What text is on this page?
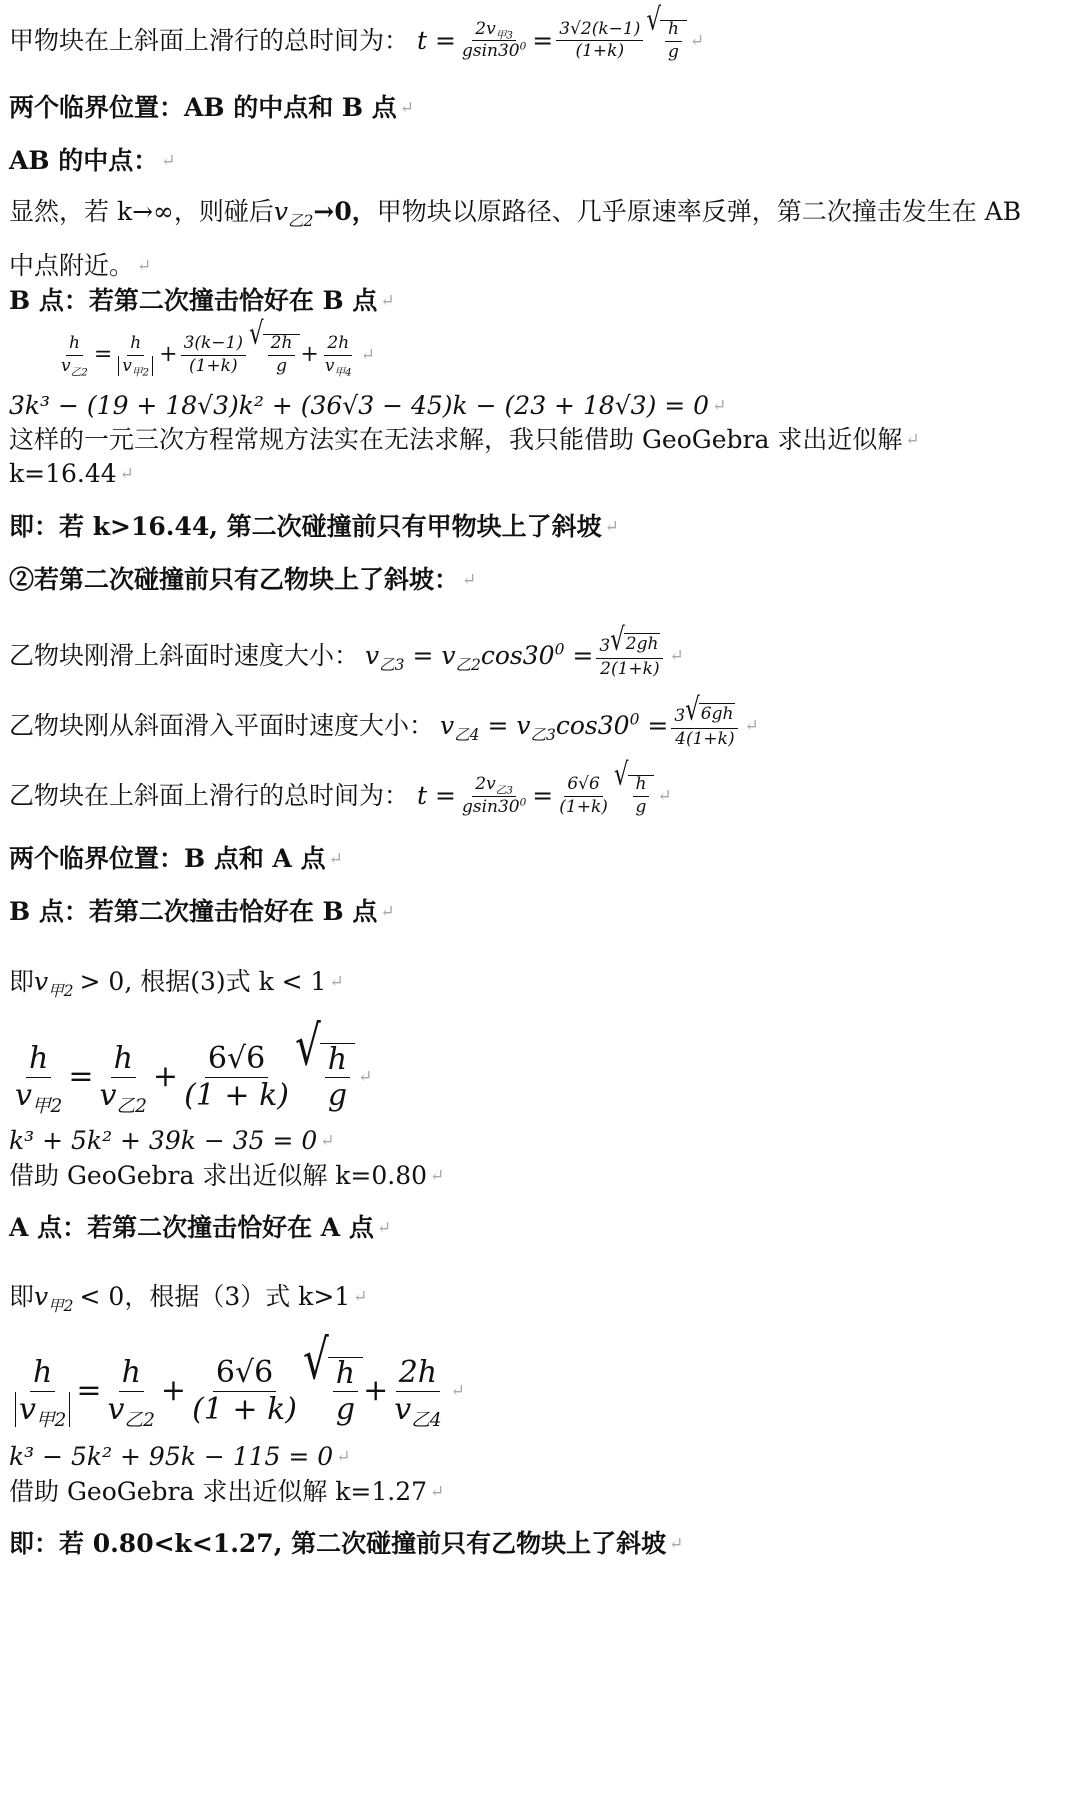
甲物块在上斜面上滑行的总时间为： $t = \frac{2v_{甲3}}{gsin30^0} = \frac{3√2(k-1)}{(1+k)}$
√
$\frac{h}{g}$ ↵
两个临界位置：AB 的中点和 B 点 ↵
AB 的中点： ↵
显然，若 k→∞，则碰后 $v_{乙2} \to 0$， 甲物块以原路径、几乎原速率反弹，第二次撞击发生在 AB
中点附近。 ↵
B 点：若第二次撞击恰好在 B 点 ↵
$\frac{h}{v_{乙2}} = \frac{h}{v_{甲2}} + \frac{3(k-1)}{(1+k)}$
√
$\frac{2h}{g} + \frac{2h}{v_{甲4}}$ ↵
3k³ − (19 + 18√3)k² + (36√3 − 45)k − (23 + 18√3) = 0 ↵
这样的一元三次方程常规方法实在无法求解，我只能借助 GeoGebra 求出近似解 ↵
k=16.44 ↵
即：若 k>16.44, 第二次碰撞前只有甲物块上了斜坡 ↵
②若第二次碰撞前只有乙物块上了斜坡： ↵
乙物块刚滑上斜面时速度大小： $v_{乙3} = v_{乙2}\cos 30^0 = \frac{3 √ 2gh}{2(1+k)}$ ↵
乙物块刚从斜面滑入平面时速度大小： $v_{乙4} = v_{乙3}\cos 30^0 = \frac{3 √ 6gh}{4(1+k)}$ ↵
乙物块在上斜面上滑行的总时间为： $t = \frac{2v_{乙3}}{gsin30^0} = \frac{6√6}{(1+k)}$
√
$\frac{h}{g}$ ↵
两个临界位置：B 点和 A 点 ↵
B 点：若第二次撞击恰好在 B 点 ↵
即 $v_{甲2} > 0$, 根据(3)式 k < 1 ↵
$\frac{h}{v_{甲2}} = \frac{h}{v_{乙2}} + \frac{6√6}{(1 + k)}$ √ $\frac{h}{g}$ ↵
k³ + 5k² + 39k − 35 = 0 ↵
借助 GeoGebra 求出近似解 k=0.80 ↵
A 点：若第二次撞击恰好在 A 点 ↵
即 $v_{甲2} < 0$，根据（3）式 k>1 ↵
$\frac{h}{v_{甲2}} = \frac{h}{v_{乙2}} + \frac{6√6}{(1 + k)}$ √ $\frac{h}{g} + \frac{2h}{v_{乙4}}$ ↵
k³ − 5k² + 95k − 115 = 0 ↵
借助 GeoGebra 求出近似解 k=1.27 ↵
即：若 0.80<k<1.27, 第二次碰撞前只有乙物块上了斜坡 ↵
